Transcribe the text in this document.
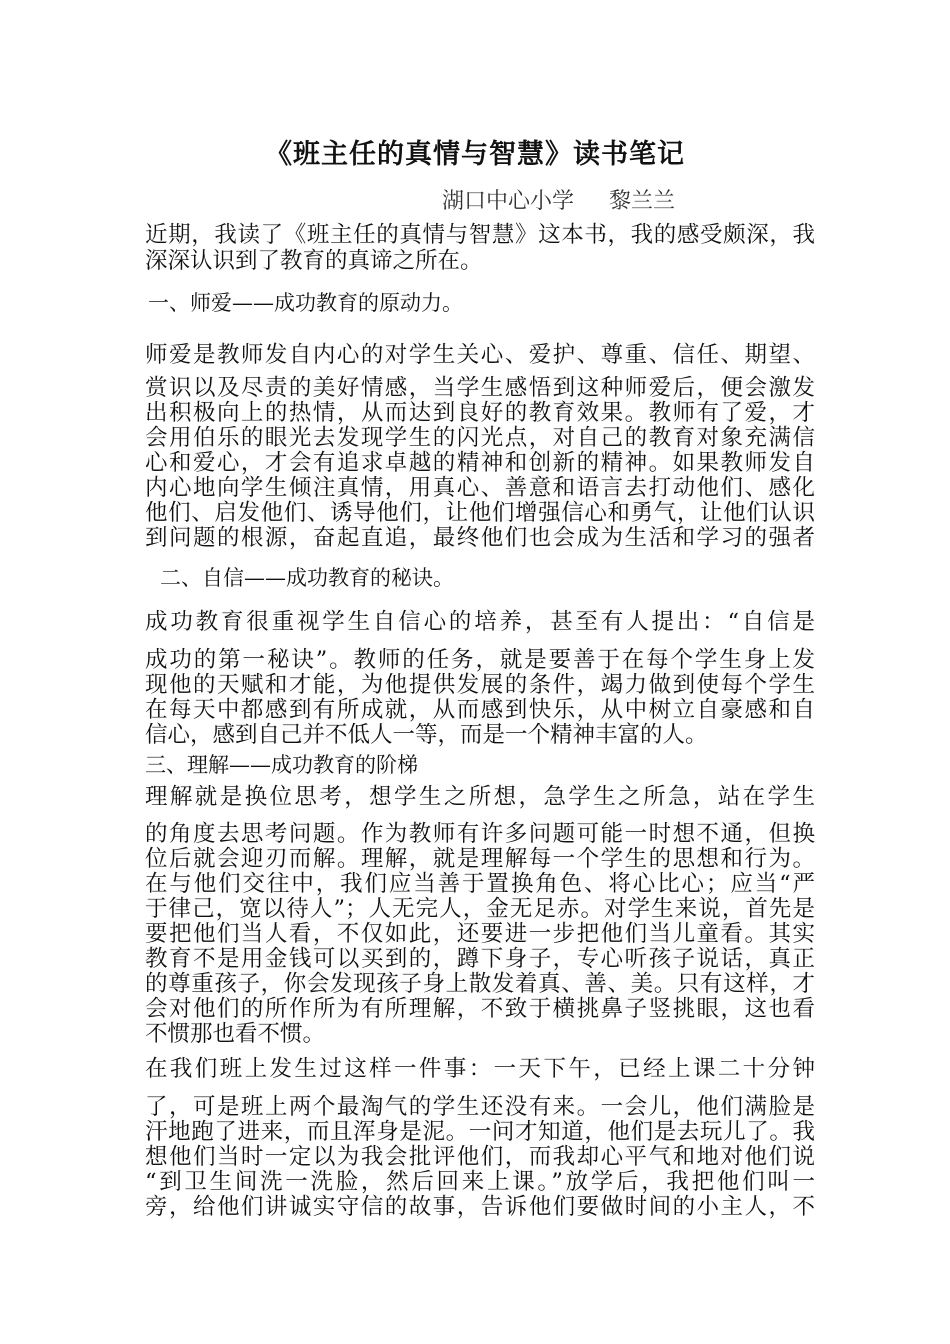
《班主任的真情与智慧》读书笔记
湖口中心小学     黎兰兰
近期，我读了《班主任的真情与智慧》这本书，我的感受颇深，我
深深认识到了教育的真谛之所在。
一、师爱——成功教育的原动力。
师爱是教师发自内心的对学生关心、爱护、尊重、信任、期望、
赏识以及尽责的美好情感，当学生感悟到这种师爱后，便会激发
出积极向上的热情，从而达到良好的教育效果。教师有了爱，才
会用伯乐的眼光去发现学生的闪光点，对自己的教育对象充满信
心和爱心，才会有追求卓越的精神和创新的精神。如果教师发自
内心地向学生倾注真情，用真心、善意和语言去打动他们、感化
他们、启发他们、诱导他们，让他们增强信心和勇气，让他们认识
到问题的根源，奋起直追，最终他们也会成为生活和学习的强者
二、自信——成功教育的秘诀。
成功教育很重视学生自信心的培养，甚至有人提出：“自信是
成功的第一秘诀”。教师的任务，就是要善于在每个学生身上发
现他的天赋和才能，为他提供发展的条件，竭力做到使每个学生
在每天中都感到有所成就，从而感到快乐，从中树立自豪感和自
信心，感到自己并不低人一等，而是一个精神丰富的人。
三、理解——成功教育的阶梯
理解就是换位思考，想学生之所想，急学生之所急，站在学生
的角度去思考问题。作为教师有许多问题可能一时想不通，但换
位后就会迎刃而解。理解，就是理解每一个学生的思想和行为。
在与他们交往中，我们应当善于置换角色、将心比心；应当“严
于律己，宽以待人”；人无完人，金无足赤。对学生来说，首先是
要把他们当人看，不仅如此，还要进一步把他们当儿童看。其实
教育不是用金钱可以买到的，蹲下身子，专心听孩子说话，真正
的尊重孩子，你会发现孩子身上散发着真、善、美。只有这样，才
会对他们的所作所为有所理解，不致于横挑鼻子竖挑眼，这也看
不惯那也看不惯。
在我们班上发生过这样一件事：一天下午，已经上课二十分钟
了，可是班上两个最淘气的学生还没有来。一会儿，他们满脸是
汗地跑了进来，而且浑身是泥。一问才知道，他们是去玩儿了。我
想他们当时一定以为我会批评他们，而我却心平气和地对他们说
“到卫生间洗一洗脸，然后回来上课。”放学后，我把他们叫一
旁，给他们讲诚实守信的故事，告诉他们要做时间的小主人，不
